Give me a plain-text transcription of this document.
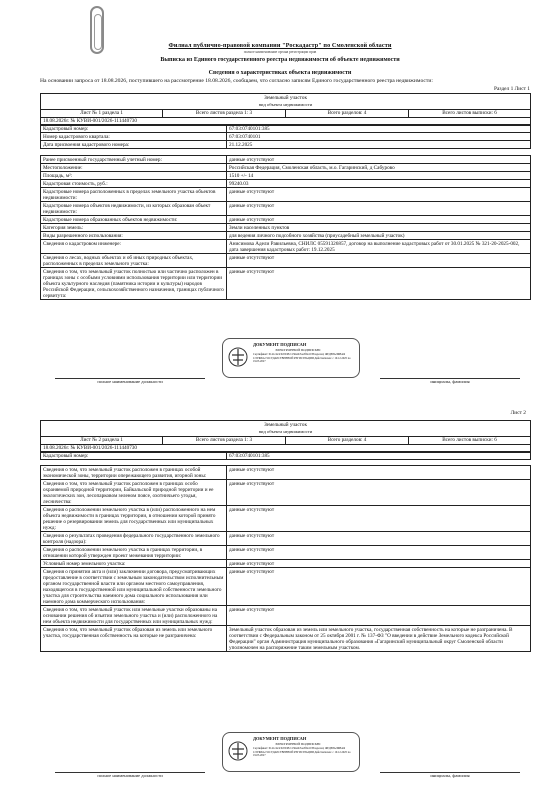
Филиал публично-правовой компании "Роскадастр" по Смоленской области
полное наименование органа регистрации прав
Выписка из Единого государственного реестра недвижимости об объекте недвижимости
Сведения о характеристиках объекта недвижимости
На основании запроса от 18.08.2026, поступившего на рассмотрение 18.08.2026, сообщаем, что согласно записям Единого государственного реестра недвижимости:
Раздел 1 Лист 1
Земельный участок
вид объекта недвижимости
Лист № 1 раздела 1	Всего листов раздела 1: 3	Всего разделов: 4	Всего листов выписки: 6
18.08.2026г. № КУВИ-001/2026-111440730
Кадастровый номер:	67:03:0740101:385
Номер кадастрового квартала:	67:03:0740101
Дата присвоения кадастрового номера:	21.12.2025

Ранее присвоенный государственный учетный номер:	данные отсутствуют
Местоположение:	Российская Федерация, Смоленская область, м.о. Гагаринский, д Сабурово
Площадь, м²:	1510 +/- 14
Кадастровая стоимость, руб.:	99240.03
Кадастровые номера расположенных в пределах земельного участка объектов недвижимости:	данные отсутствуют
Кадастровые номера объектов недвижимости, из которых образован объект недвижимости:	данные отсутствуют
Кадастровые номера образованных объектов недвижимости:	данные отсутствуют
Категория земель:	Земли населенных пунктов
Виды разрешенного использования:	для ведения личного подсобного хозяйства (приусадебный земельный участок)
Сведения о кадастровом инженере:	Анисимова Адели Равильевна, СНИЛС 05591326857, договор на выполнение кадастровых работ от 30.01.2025 № 321-20-2025-002, дата завершения кадастровых работ: 19.12.2025
Сведения о лесах, водных объектах и об иных природных объектах, расположенных в пределах земельного участка:	данные отсутствуют
Сведения о том, что земельный участок полностью или частично расположен в границах зоны с особыми условиями использования территории или территории объекта культурного наследия (памятника истории и культуры) народов Российской Федерации, сельскохозяйственного назначения, границах публичного сервитута:	данные отсутствуют
ДОКУМЕНТ ПОДПИСАН
ЭЛЕКТРОННОЙ ПОДПИСЬЮ
Сертификат: 0141c4a3c0c0b38c1136e4b5aa5f9e10 Владелец: ФЕДЕРАЛЬНАЯ СЛУЖБА ГОСУДАРСТВЕННОЙ РЕГИСТРАЦИИ Действителен: с 19.12.2025 по 19.03.2027
полное наименование должности	инициалы, фамилия
Лист 2
Земельный участок
вид объекта недвижимости
Лист № 2 раздела 1	Всего листов раздела 1: 3	Всего разделов: 4	Всего листов выписки: 6
18.08.2026г. № КУВИ-001/2026-111440730
Кадастровый номер:	67:03:0740101:385

Сведения о том, что земельный участок расположен в границах особой экономической зоны, территории опережающего развития, игорной зоны:	данные отсутствуют
Сведения о том, что земельный участок расположен в границах особо охраняемой природной территории, Байкальской природной территории и ее экологических зон, лесопарковом зеленом поясе, охотничьего угодья, лесничества:	данные отсутствуют
Сведения о расположении земельного участка в (или) расположенного на нем объекта недвижимости в границах территории, в отношении которой принято решение о резервировании земель для государственных или муниципальных нужд:	данные отсутствуют
Сведения о результатах проведения федерального государственного земельного контроля (надзора):	данные отсутствуют
Сведения о расположении земельного участка в границах территории, в отношении которой утвержден проект межевания территории:	данные отсутствуют
Условный номер земельного участка:	данные отсутствуют
Сведения о принятии акта и (или) заключении договора, предусматривающих предоставление в соответствии с земельным законодательством исполнительным органом государственной власти или органом местного самоуправления, находящегося в государственной или муниципальной собственности земельного участка для строительства наемного дома социального использования или наемного дома коммерческого использования:	данные отсутствуют
Сведения о том, что земельный участок или земельные участки образованы на основании решения об изъятии земельного участка и (или) расположенного на нем объекта недвижимости для государственных или муниципальных нужд:	данные отсутствуют
Сведения о том, что земельный участок образован из земель или земельного участка, государственная собственность на которые не разграничена:	Земельный участок образован из земель или земельного участка, государственная собственность на которые не разграничена. В соответствии с Федеральным законом от 25 октября 2001 г. № 137-ФЗ "О введении в действие Земельного кодекса Российской Федерации" орган Администрация муниципального образования «Гагаринский муниципальный округ Смоленской области уполномочен на распоряжение таким земельным участком.
ДОКУМЕНТ ПОДПИСАН
ЭЛЕКТРОННОЙ ПОДПИСЬЮ
Сертификат: 0141c4a3c0c0b38c1136e4b5aa5f9e10 Владелец: ФЕДЕРАЛЬНАЯ СЛУЖБА ГОСУДАРСТВЕННОЙ РЕГИСТРАЦИИ Действителен: с 19.12.2025 по 19.03.2027
полное наименование должности	инициалы, фамилия
